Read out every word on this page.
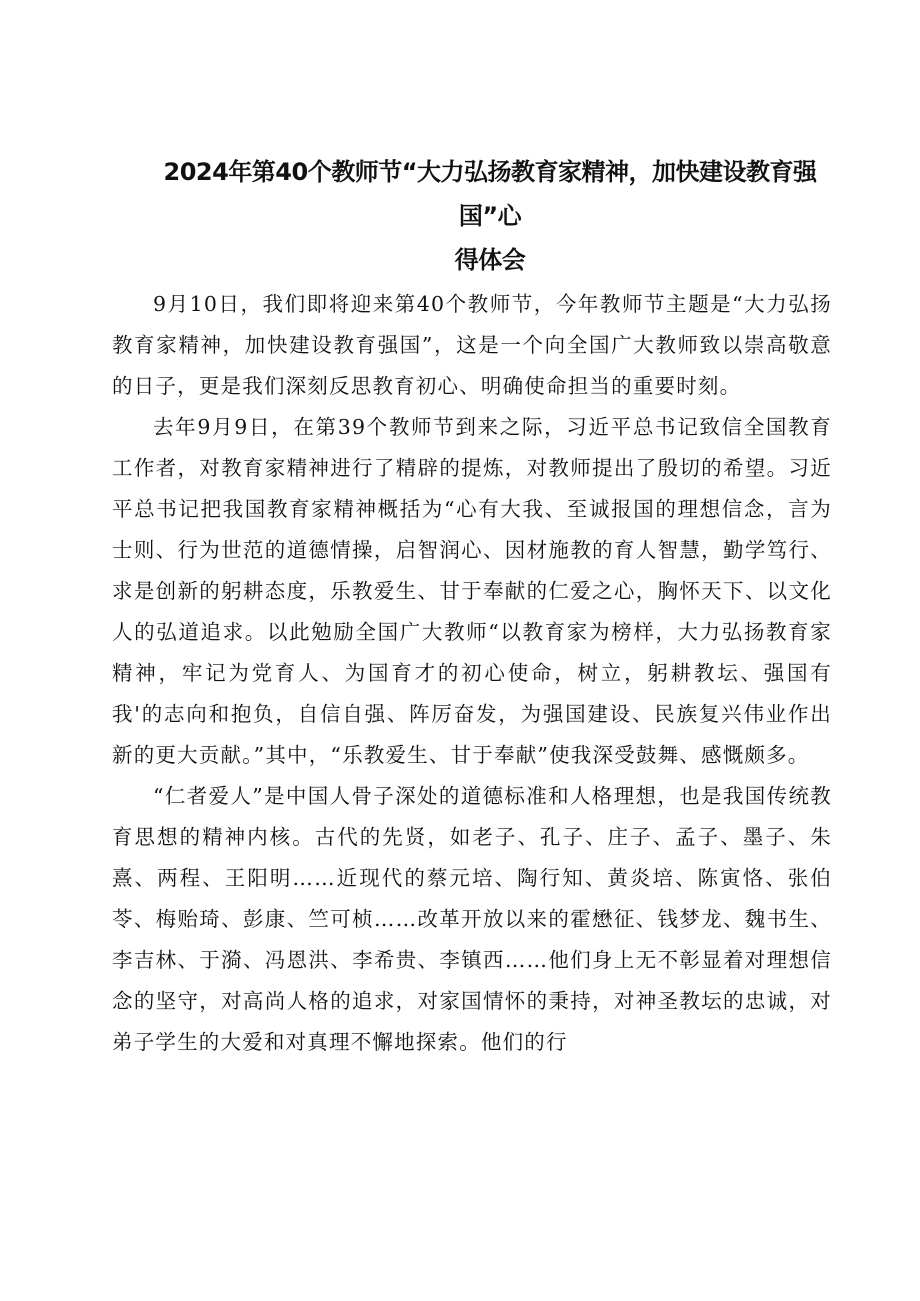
2024年第40个教师节“大力弘扬教育家精神，加快建设教育强国”心
得体会

9月10日，我们即将迎来第40个教师节，今年教师节主题是“大力弘扬教育家精神，加快建设教育强国”，这是一个向全国广大教师致以崇高敬意的日子，更是我们深刻反思教育初心、明确使命担当的重要时刻。

去年9月9日，在第39个教师节到来之际，习近平总书记致信全国教育工作者，对教育家精神进行了精辟的提炼，对教师提出了殷切的希望。习近平总书记把我国教育家精神概括为“心有大我、至诚报国的理想信念，言为士则、行为世范的道德情操，启智润心、因材施教的育人智慧，勤学笃行、求是创新的躬耕态度，乐教爱生、甘于奉献的仁爱之心，胸怀天下、以文化人的弘道追求。以此勉励全国广大教师“以教育家为榜样，大力弘扬教育家精神，牢记为党育人、为国育才的初心使命，树立，躬耕教坛、强国有我'的志向和抱负，自信自强、阵厉奋发，为强国建设、民族复兴伟业作出新的更大贡献。”其中，“乐教爱生、甘于奉献”使我深受鼓舞、感慨颇多。

“仁者爱人”是中国人骨子深处的道德标准和人格理想，也是我国传统教育思想的精神内核。古代的先贤，如老子、孔子、庄子、孟子、墨子、朱熹、两程、王阳明……近现代的蔡元培、陶行知、黄炎培、陈寅恪、张伯苓、梅贻琦、彭康、竺可桢……改革开放以来的霍懋征、钱梦龙、魏书生、李吉林、于漪、冯恩洪、李希贵、李镇西……他们身上无不彰显着对理想信念的坚守，对高尚人格的追求，对家国情怀的秉持，对神圣教坛的忠诚，对弟子学生的大爱和对真理不懈地探索。他们的行
